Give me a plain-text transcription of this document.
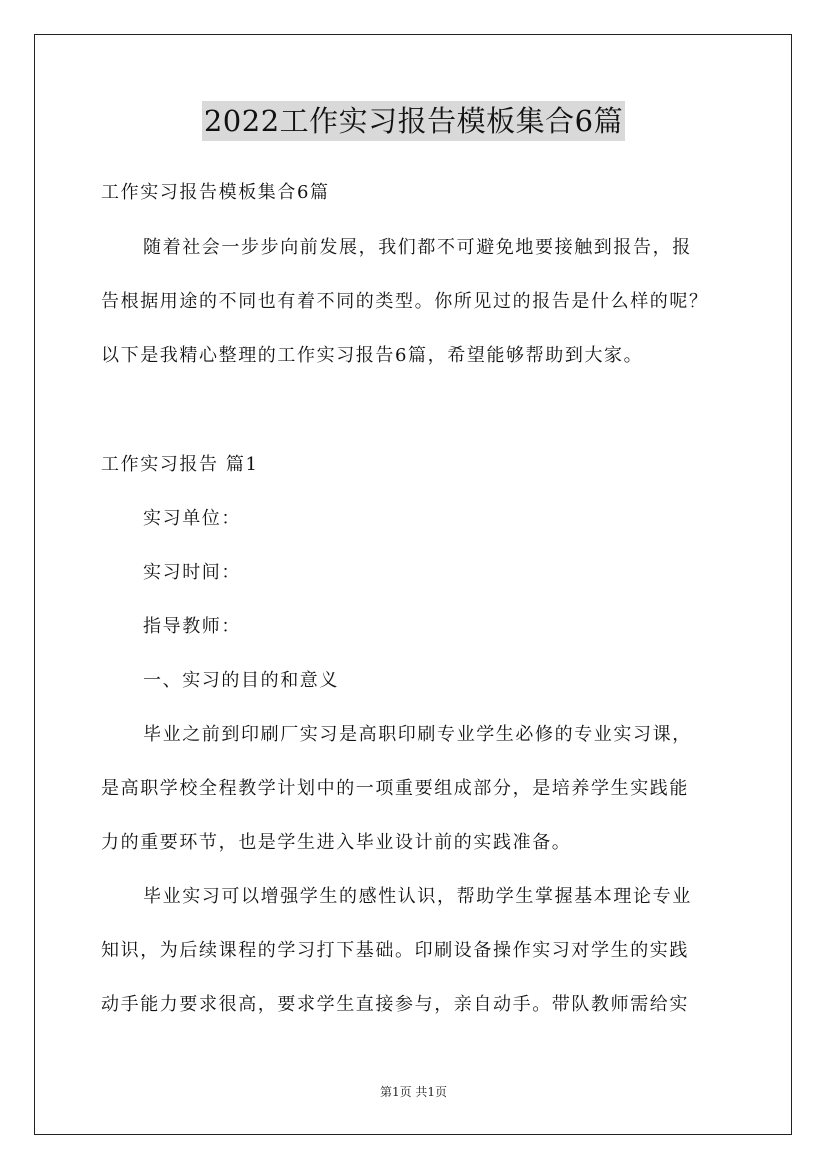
2022工作实习报告模板集合6篇
工作实习报告模板集合6篇
随着社会一步步向前发展，我们都不可避免地要接触到报告，报
告根据用途的不同也有着不同的类型。你所见过的报告是什么样的呢？
以下是我精心整理的工作实习报告6篇，希望能够帮助到大家。
工作实习报告 篇1
实习单位：
实习时间：
指导教师：
一、实习的目的和意义
毕业之前到印刷厂实习是高职印刷专业学生必修的专业实习课，
是高职学校全程教学计划中的一项重要组成部分，是培养学生实践能
力的重要环节，也是学生进入毕业设计前的实践准备。
毕业实习可以增强学生的感性认识，帮助学生掌握基本理论专业
知识，为后续课程的学习打下基础。印刷设备操作实习对学生的实践
动手能力要求很高，要求学生直接参与，亲自动手。带队教师需给实
第1页 共1页
